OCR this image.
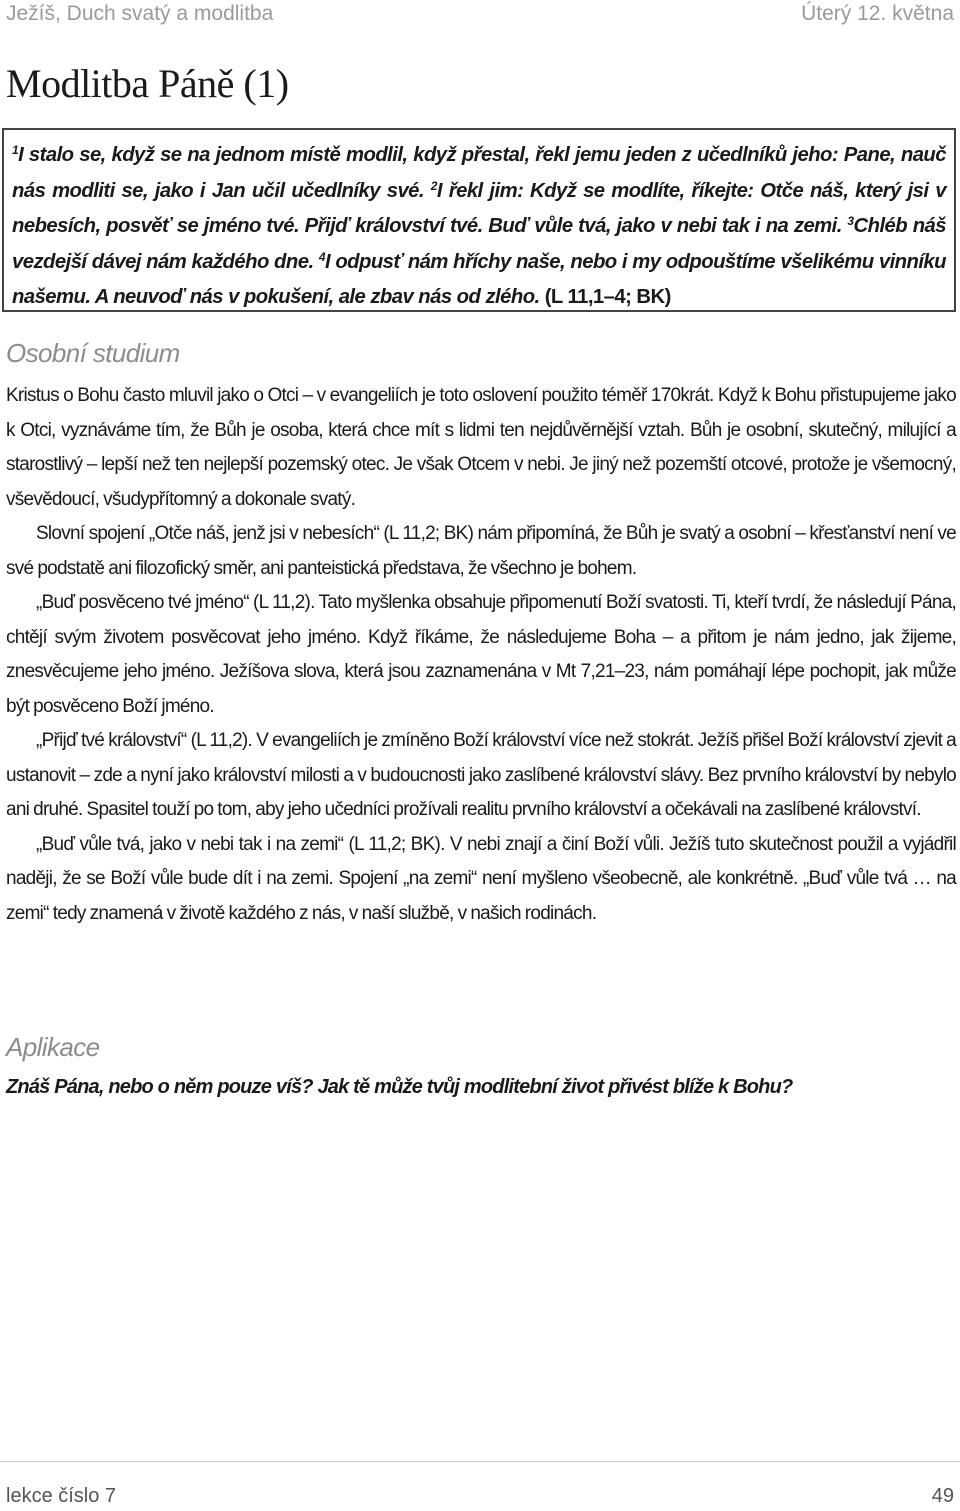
Ježíš, Duch svatý a modlitba	Úterý 12. května
Modlitba Páně (1)
$^1$I stalo se, když se na jednom místě modlil, když přestal, řekl jemu jeden z učedlníků jeho: Pane, nauč nás modliti se, jako i Jan učil učedlníky své. $^2$I řekl jim: Když se modlíte, říkejte: Otče náš, který jsi v nebesích, posvěť se jméno tvé. Přijď království tvé. Buď vůle tvá, jako v nebi tak i na zemi. $^3$Chléb náš vezdejší dávej nám každého dne. $^4$I odpusť nám hříchy naše, nebo i my odpouštíme všelikému vinníku našemu. A neuvoď nás v pokušení, ale zbav nás od zlého. (L 11,1–4; BK)
Osobní studium

Kristus o Bohu často mluvil jako o Otci – v evangeliích je toto oslovení použito téměř 170krát. Když k Bohu přistupujeme jako k Otci, vyznáváme tím, že Bůh je osoba, která chce mít s lidmi ten nejdůvěrnější vztah. Bůh je osobní, skutečný, milující a starostlivý – lepší než ten nejlepší pozemský otec. Je však Otcem v nebi. Je jiný než pozemští otcové, protože je všemocný, vševědoucí, všudypřítomný a dokonale svatý.

Slovní spojení „Otče náš, jenž jsi v nebesích“ (L 11,2; BK) nám připomíná, že Bůh je svatý a osobní – křesťanství není ve své podstatě ani filozofický směr, ani panteistická představa, že všechno je bohem.

„Buď posvěceno tvé jméno“ (L 11,2). Tato myšlenka obsahuje připomenutí Boží svatosti. Ti, kteří tvrdí, že následují Pána, chtějí svým životem posvěcovat jeho jméno. Když říkáme, že následujeme Boha – a přitom je nám jedno, jak žijeme, znesvěcujeme jeho jméno. Ježíšova slova, která jsou zaznamenána v Mt 7,21–23, nám pomáhají lépe pochopit, jak může být posvěceno Boží jméno.

„Přijď tvé království“ (L 11,2). V evangeliích je zmíněno Boží království více než stokrát. Ježíš přišel Boží království zjevit a ustanovit – zde a nyní jako království milosti a v budoucnosti jako zaslíbené království slávy. Bez prvního království by nebylo ani druhé. Spasitel touží po tom, aby jeho učedníci prožívali realitu prvního království a očekávali na zaslíbené království.

„Buď vůle tvá, jako v nebi tak i na zemi“ (L 11,2; BK). V nebi znají a činí Boží vůli. Ježíš tuto skutečnost použil a vyjádřil naději, že se Boží vůle bude dít i na zemi. Spojení „na zemi“ není myšleno všeobecně, ale konkrétně. „Buď vůle tvá … na zemi“ tedy znamená v životě každého z nás, v naší službě, v našich rodinách.

Aplikace

Znáš Pána, nebo o něm pouze víš? Jak tě může tvůj modlitební život přivést blíže k Bohu?

lekce číslo 7	49
